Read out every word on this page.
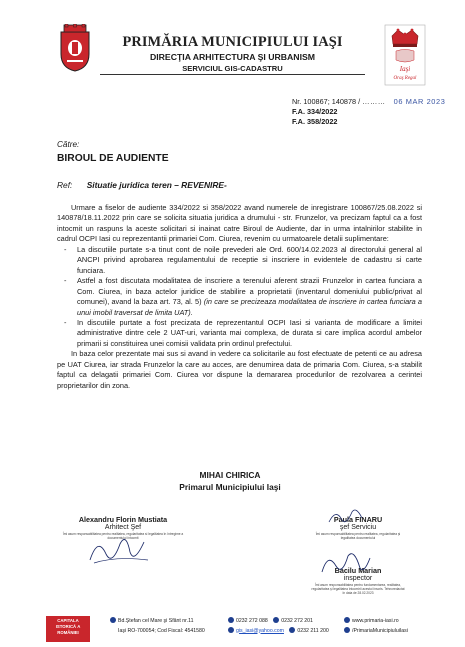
PRIMĂRIA MUNICIPIULUI IAŞI
DIRECŢIA ARHITECTURA ŞI URBANISM
SERVICIUL GIS-CADASTRU	Iaşi
Oraş Regal
Nr. 100867; 140878 / ……… 06 MAR 2023
F.A. 334/2022
F.A. 358/2022
Către:
BIROUL DE AUDIENTE
Ref: Situatie juridica teren – REVENIRE-

Urmare a fiselor de audiente 334/2022 si 358/2022 avand numerele de inregistrare 100867/25.08.2022 si 140878/18.11.2022 prin care se solicita situatia juridica a drumului - str. Frunzelor, va precizam faptul ca a fost intocmit un raspuns la aceste solicitari si inainat catre Biroul de Audiente, dar in urma intalnirilor stabilite in cadrul OCPI Iasi cu reprezentantii primariei Com. Ciurea, revenim cu urmatoarele detalii suplimentare:

- La discutiile purtate s-a tinut cont de noile prevederi ale Ord. 600/14.02.2023 al directorului general al ANCPI privind aprobarea regulamentului de receptie si inscriere in evidentele de cadastru si carte funciara.
- Astfel a fost discutata modalitatea de inscriere a terenului aferent strazii Frunzelor in cartea funciara a Com. Ciurea, in baza actelor juridice de stabilire a proprietatii (inventarul domeniului public/privat al comunei), avand la baza art. 73, al. 5) (in care se precizeaza modalitatea de inscriere in cartea funciara a unui imobil traversat de limita UAT).
- In discutiile purtate a fost precizata de reprezentantul OCPI Iasi si varianta de modificare a limitei administrative dintre cele 2 UAT-uri, varianta mai complexa, de durata si care implica acordul ambelor primarii si constituirea unei comisii validata prin ordinul prefectului.

In baza celor prezentate mai sus si avand in vedere ca solicitarile au fost efectuate de petenti ce au adresa pe UAT Ciurea, iar strada Frunzelor la care au acces, are denumirea data de primaria Com. Ciurea, s-a stabilit faptul ca delagatii primariei Com. Ciurea vor dispune la demararea procedurilor de rezolvarea a cerintei proprietarilor din zona.

MIHAI CHIRICA
Primarul Municipiului Iaşi
Alexandru Florin Mustiata
Arhitect Şef
Îmi asum responsabilitatea pentru realitatea, regularitatea si legalitatea în întregime a documentului întocmit
Paula FINARU
şef Serviciu
Îmi asum responsabilitatea pentru realitatea, regularitatea şi legalitatea documentului
Bacilu Marian
inspector
Îmi asum responsabilitatea pentru fundamentarea, realitatea, regularitatea şi legalitatea întocmirii acestui înscris. Tehnoredactat în data de 28.02.2023
CAPITALA
ISTORICĂ A
ROMÂNIEI
Bd.Ştefan cel Mare şi Sfânt nr.11
Iaşi RO-700054; Cod Fiscal: 4541580
0232 272 088	0232 272 201
gis_iasi@yahoo.com	0232 211 200
www.primaria-iasi.ro
/PrimariaMunicipiuluiIasi
